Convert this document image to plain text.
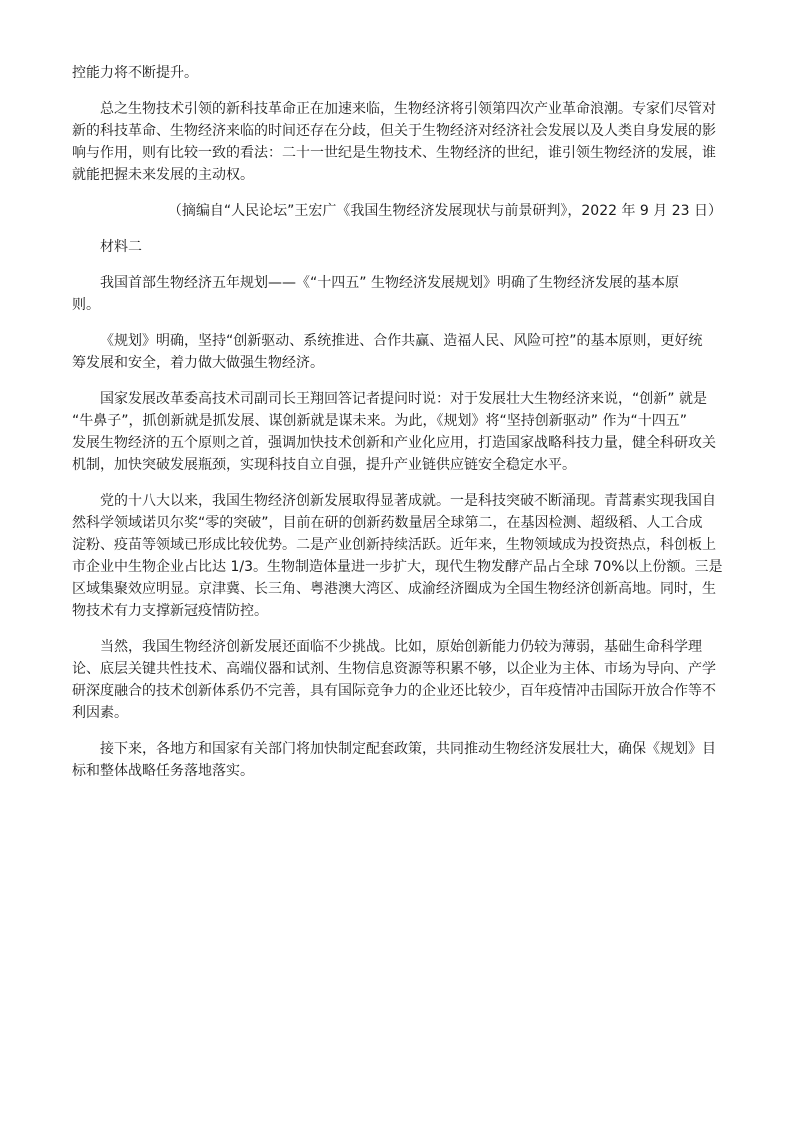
控能力将不断提升。
总之生物技术引领的新科技革命正在加速来临，生物经济将引领第四次产业革命浪潮。专家们尽管对
新的科技革命、生物经济来临的时间还存在分歧，但关于生物经济对经济社会发展以及人类自身发展的影
响与作用，则有比较一致的看法：二十一世纪是生物技术、生物经济的世纪，谁引领生物经济的发展，谁
就能把握未来发展的主动权。
（摘编自“人民论坛”王宏广《我国生物经济发展现状与前景研判》，2022 年 9 月 23 日）
材料二
我国首部生物经济五年规划——《“十四五” 生物经济发展规划》明确了生物经济发展的基本原
则。
《规划》明确，坚持“创新驱动、系统推进、合作共赢、造福人民、风险可控”的基本原则，更好统
筹发展和安全，着力做大做强生物经济。
国家发展改革委高技术司副司长王翔回答记者提问时说：对于发展壮大生物经济来说，“创新” 就是
“牛鼻子”，抓创新就是抓发展、谋创新就是谋未来。为此，《规划》将“坚持创新驱动” 作为“十四五”
发展生物经济的五个原则之首，强调加快技术创新和产业化应用，打造国家战略科技力量，健全科研攻关
机制，加快突破发展瓶颈，实现科技自立自强，提升产业链供应链安全稳定水平。
党的十八大以来，我国生物经济创新发展取得显著成就。一是科技突破不断涌现。青蒿素实现我国自
然科学领域诺贝尔奖“零的突破”，目前在研的创新药数量居全球第二，在基因检测、超级稻、人工合成
淀粉、疫苗等领域已形成比较优势。二是产业创新持续活跃。近年来，生物领域成为投资热点，科创板上
市企业中生物企业占比达 1/3。生物制造体量进一步扩大，现代生物发酵产品占全球 70%以上份额。三是
区域集聚效应明显。京津冀、长三角、粤港澳大湾区、成渝经济圈成为全国生物经济创新高地。同时，生
物技术有力支撑新冠疫情防控。
当然，我国生物经济创新发展还面临不少挑战。比如，原始创新能力仍较为薄弱，基础生命科学理
论、底层关键共性技术、高端仪器和试剂、生物信息资源等积累不够，以企业为主体、市场为导向、产学
研深度融合的技术创新体系仍不完善，具有国际竞争力的企业还比较少，百年疫情冲击国际开放合作等不
利因素。
接下来，各地方和国家有关部门将加快制定配套政策，共同推动生物经济发展壮大，确保《规划》目
标和整体战略任务落地落实。
